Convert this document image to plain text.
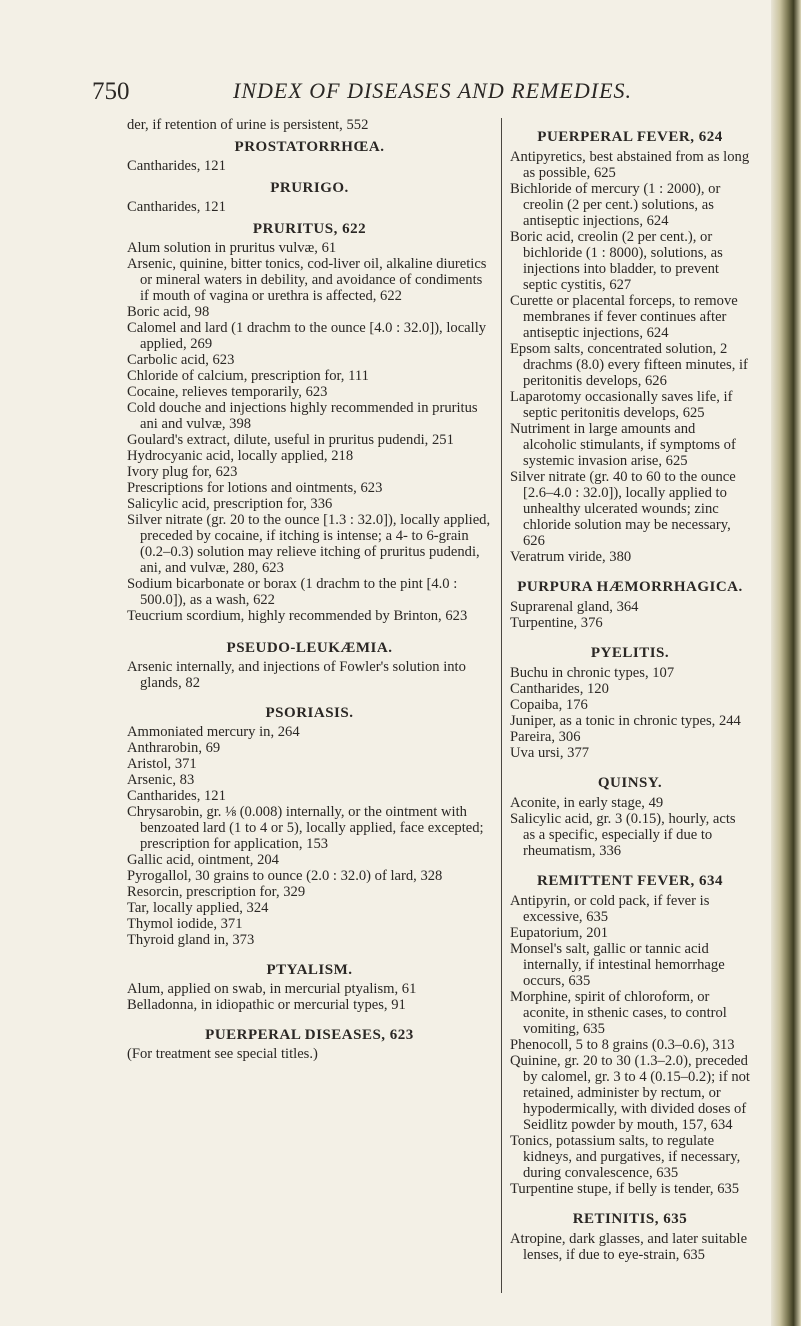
750	INDEX OF DISEASES AND REMEDIES.

der, if retention of urine is persistent, 552

PROSTATORRHŒA.

Cantharides, 121

PRURIGO.

Cantharides, 121

PRURITUS, 622

Alum solution in pruritus vulvæ, 61

Arsenic, quinine, bitter tonics, cod-liver oil, alkaline diuretics or mineral waters in debility, and avoidance of condiments if mouth of vagina or urethra is affected, 622

Boric acid, 98

Calomel and lard (1 drachm to the ounce [4.0 : 32.0]), locally applied, 269

Carbolic acid, 623

Chloride of calcium, prescription for, 111

Cocaine, relieves temporarily, 623

Cold douche and injections highly recommended in pruritus ani and vulvæ, 398

Goulard's extract, dilute, useful in pruritus pudendi, 251

Hydrocyanic acid, locally applied, 218

Ivory plug for, 623

Prescriptions for lotions and ointments, 623

Salicylic acid, prescription for, 336

Silver nitrate (gr. 20 to the ounce [1.3 : 32.0]), locally applied, preceded by cocaine, if itching is intense; a 4- to 6-grain (0.2–0.3) solution may relieve itching of pruritus pudendi, ani, and vulvæ, 280, 623

Sodium bicarbonate or borax (1 drachm to the pint [4.0 : 500.0]), as a wash, 622

Teucrium scordium, highly recommended by Brinton, 623

PSEUDO-LEUKÆMIA.

Arsenic internally, and injections of Fowler's solution into glands, 82

PSORIASIS.

Ammoniated mercury in, 264

Anthrarobin, 69

Aristol, 371

Arsenic, 83

Cantharides, 121

Chrysarobin, gr. ⅛ (0.008) internally, or the ointment with benzoated lard (1 to 4 or 5), locally applied, face excepted; prescription for application, 153

Gallic acid, ointment, 204

Pyrogallol, 30 grains to ounce (2.0 : 32.0) of lard, 328

Resorcin, prescription for, 329

Tar, locally applied, 324

Thymol iodide, 371

Thyroid gland in, 373

PTYALISM.

Alum, applied on swab, in mercurial ptyalism, 61

Belladonna, in idiopathic or mercurial types, 91

PUERPERAL DISEASES, 623

(For treatment see special titles.)

PUERPERAL FEVER, 624

Antipyretics, best abstained from as long as possible, 625

Bichloride of mercury (1 : 2000), or creolin (2 per cent.) solutions, as antiseptic injections, 624

Boric acid, creolin (2 per cent.), or bichloride (1 : 8000), solutions, as injections into bladder, to prevent septic cystitis, 627

Curette or placental forceps, to remove membranes if fever continues after antiseptic injections, 624

Epsom salts, concentrated solution, 2 drachms (8.0) every fifteen minutes, if peritonitis develops, 626

Laparotomy occasionally saves life, if septic peritonitis develops, 625

Nutriment in large amounts and alcoholic stimulants, if symptoms of systemic invasion arise, 625

Silver nitrate (gr. 40 to 60 to the ounce [2.6–4.0 : 32.0]), locally applied to unhealthy ulcerated wounds; zinc chloride solution may be necessary, 626

Veratrum viride, 380

PURPURA HÆMORRHAGICA.

Suprarenal gland, 364

Turpentine, 376

PYELITIS.

Buchu in chronic types, 107

Cantharides, 120

Copaiba, 176

Juniper, as a tonic in chronic types, 244

Pareira, 306

Uva ursi, 377

QUINSY.

Aconite, in early stage, 49

Salicylic acid, gr. 3 (0.15), hourly, acts as a specific, especially if due to rheumatism, 336

REMITTENT FEVER, 634

Antipyrin, or cold pack, if fever is excessive, 635

Eupatorium, 201

Monsel's salt, gallic or tannic acid internally, if intestinal hemorrhage occurs, 635

Morphine, spirit of chloroform, or aconite, in sthenic cases, to control vomiting, 635

Phenocoll, 5 to 8 grains (0.3–0.6), 313

Quinine, gr. 20 to 30 (1.3–2.0), preceded by calomel, gr. 3 to 4 (0.15–0.2); if not retained, administer by rectum, or hypodermically, with divided doses of Seidlitz powder by mouth, 157, 634

Tonics, potassium salts, to regulate kidneys, and purgatives, if necessary, during convalescence, 635

Turpentine stupe, if belly is tender, 635

RETINITIS, 635

Atropine, dark glasses, and later suitable lenses, if due to eye-strain, 635
